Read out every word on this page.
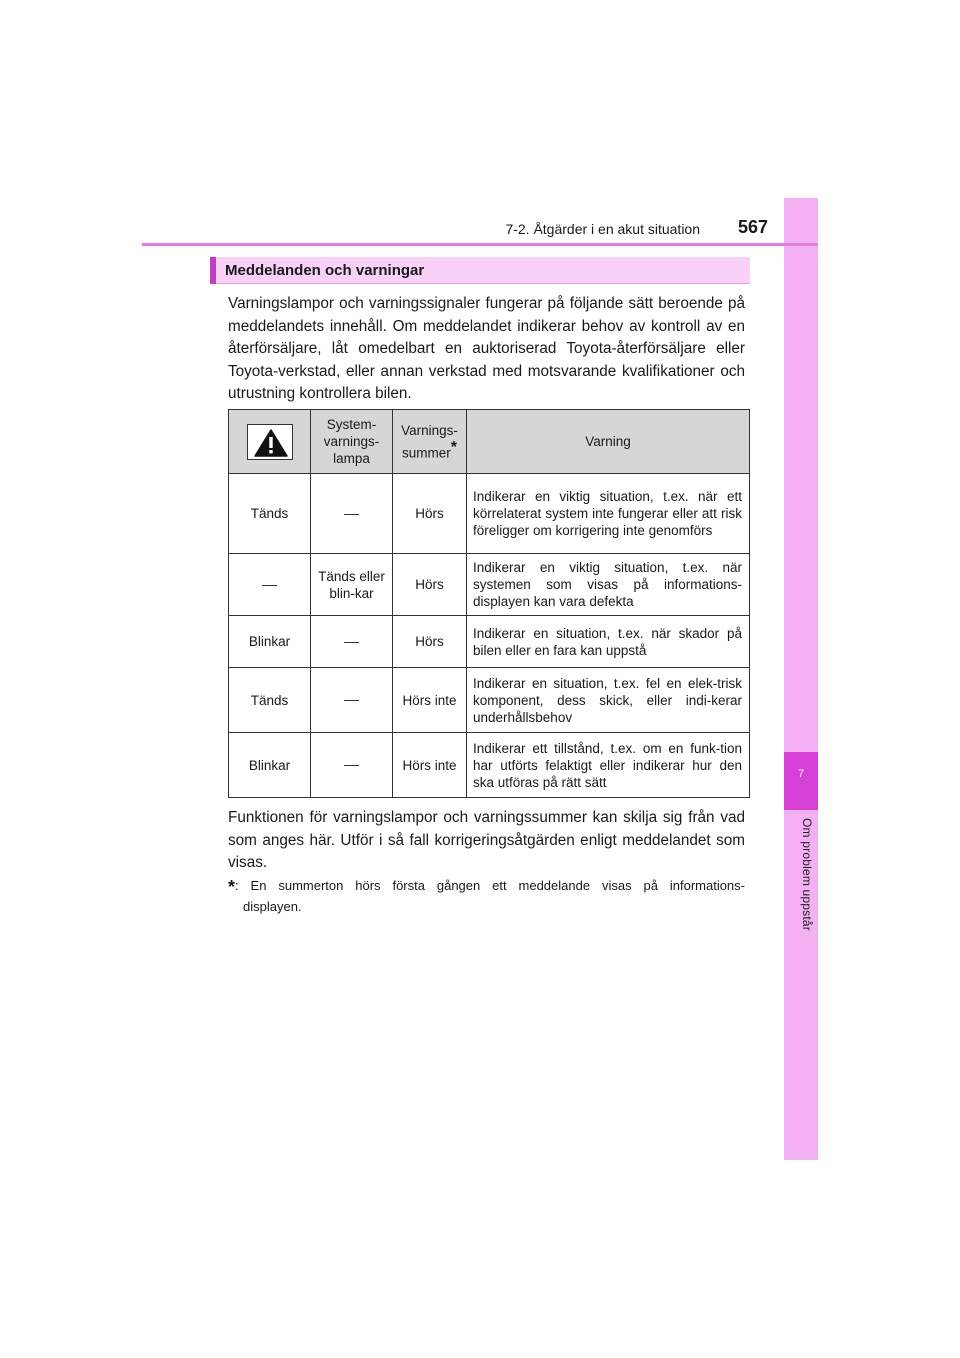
7
Om problem uppstår
7-2. Åtgärder i en akut situation 567
Meddelanden och varningar

Varningslampor och varningssignaler fungerar på följande sätt beroende på meddelandets innehåll. Om meddelandet indikerar behov av kontroll av en återförsäljare, låt omedelbart en auktoriserad Toyota-återförsäljare eller Toyota-verkstad, eller annan verkstad med motsvarande kvalifikationer och utrustning kontrollera bilen.

	System-varnings-lampa	Varnings-summer*	Varning
Tänds		Hörs	Indikerar en viktig situation, t.ex. när ett körrelaterat system inte fungerar eller att risk föreligger om korrigering inte genomförs
	Tänds eller blin-kar	Hörs	Indikerar en viktig situation, t.ex. när systemen som visas på informations-displayen kan vara defekta
Blinkar		Hörs	Indikerar en situation, t.ex. när skador på bilen eller en fara kan uppstå
Tänds		Hörs inte	Indikerar en situation, t.ex. fel en elek-trisk komponent, dess skick, eller indi-kerar underhållsbehov
Blinkar		Hörs inte	Indikerar ett tillstånd, t.ex. om en funk-tion har utförts felaktigt eller indikerar hur den ska utföras på rätt sätt

Funktionen för varningslampor och varningssummer kan skilja sig från vad som anges här. Utför i så fall korrigeringsåtgärden enligt meddelandet som visas.

*: En summerton hörs första gången ett meddelande visas på informations-
displayen.
